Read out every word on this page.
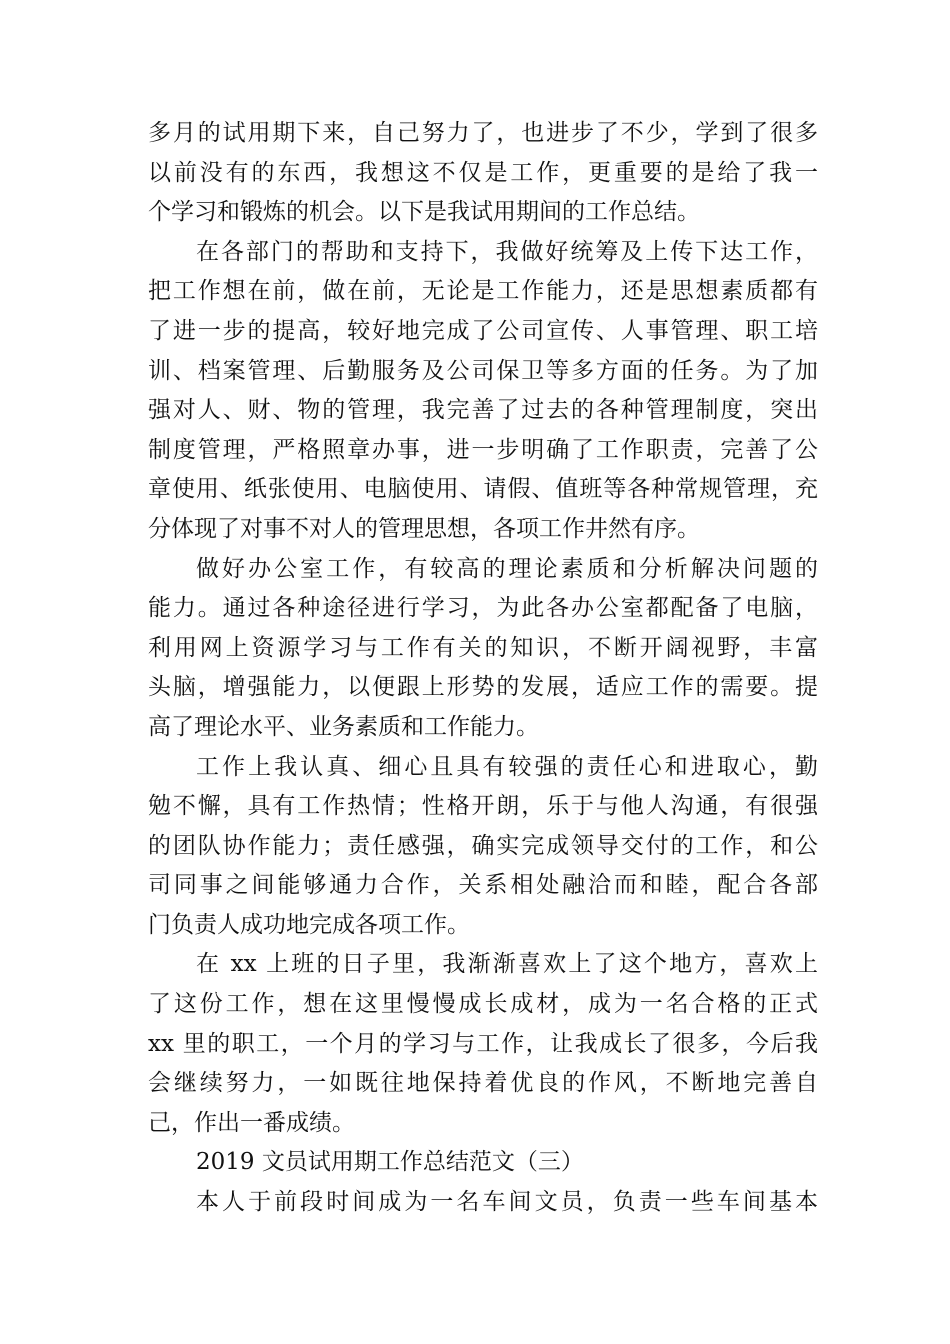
多月的试用期下来，自己努力了，也进步了不少，学到了很多
以前没有的东西，我想这不仅是工作，更重要的是给了我一
个学习和锻炼的机会。以下是我试用期间的工作总结。
在各部门的帮助和支持下，我做好统筹及上传下达工作，
把工作想在前，做在前，无论是工作能力，还是思想素质都有
了进一步的提高，较好地完成了公司宣传、人事管理、职工培
训、档案管理、后勤服务及公司保卫等多方面的任务。为了加
强对人、财、物的管理，我完善了过去的各种管理制度，突出
制度管理，严格照章办事，进一步明确了工作职责，完善了公
章使用、纸张使用、电脑使用、请假、值班等各种常规管理，充
分体现了对事不对人的管理思想，各项工作井然有序。
做好办公室工作，有较高的理论素质和分析解决问题的
能力。通过各种途径进行学习，为此各办公室都配备了电脑，
利用网上资源学习与工作有关的知识，不断开阔视野，丰富
头脑，增强能力，以便跟上形势的发展，适应工作的需要。提
高了理论水平、业务素质和工作能力。
工作上我认真、细心且具有较强的责任心和进取心，勤
勉不懈，具有工作热情；性格开朗，乐于与他人沟通，有很强
的团队协作能力；责任感强，确实完成领导交付的工作，和公
司同事之间能够通力合作，关系相处融洽而和睦，配合各部
门负责人成功地完成各项工作。
在 xx 上班的日子里，我渐渐喜欢上了这个地方，喜欢上
了这份工作，想在这里慢慢成长成材，成为一名合格的正式
xx 里的职工，一个月的学习与工作，让我成长了很多，今后我
会继续努力，一如既往地保持着优良的作风，不断地完善自
己，作出一番成绩。
2019 文员试用期工作总结范文（三）
本人于前段时间成为一名车间文员，负责一些车间基本
